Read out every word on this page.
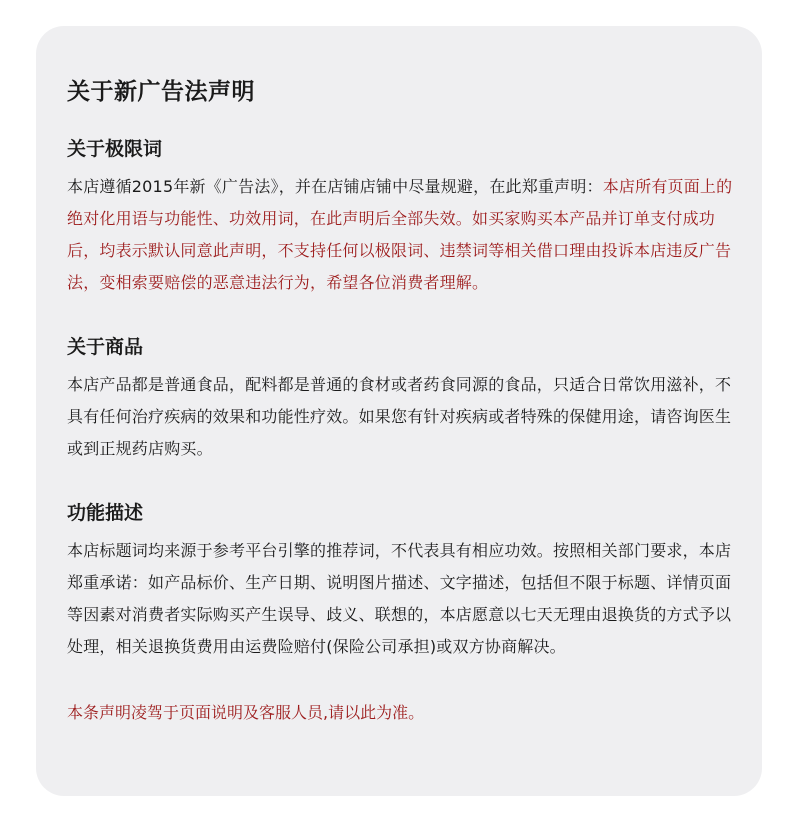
关于新广告法声明
关于极限词

本店遵循2015年新《广告法》，并在店铺店铺中尽量规避，在此郑重声明：本店所有页面上的绝对化用语与功能性、功效用词，在此声明后全部失效。如买家购买本产品并订单支付成功后，均表示默认同意此声明，不支持任何以极限词、违禁词等相关借口理由投诉本店违反广告法，变相索要赔偿的恶意违法行为，希望各位消费者理解。

关于商品

本店产品都是普通食品，配料都是普通的食材或者药食同源的食品，只适合日常饮用滋补，不具有任何治疗疾病的效果和功能性疗效。如果您有针对疾病或者特殊的保健用途，请咨询医生或到正规药店购买。

功能描述

本店标题词均来源于参考平台引擎的推荐词，不代表具有相应功效。按照相关部门要求，本店郑重承诺：如产品标价、生产日期、说明图片描述、文字描述，包括但不限于标题、详情页面等因素对消费者实际购买产生误导、歧义、联想的，本店愿意以七天无理由退换货的方式予以处理，相关退换货费用由运费险赔付(保险公司承担)或双方协商解决。

本条声明凌驾于页面说明及客服人员,请以此为准。
